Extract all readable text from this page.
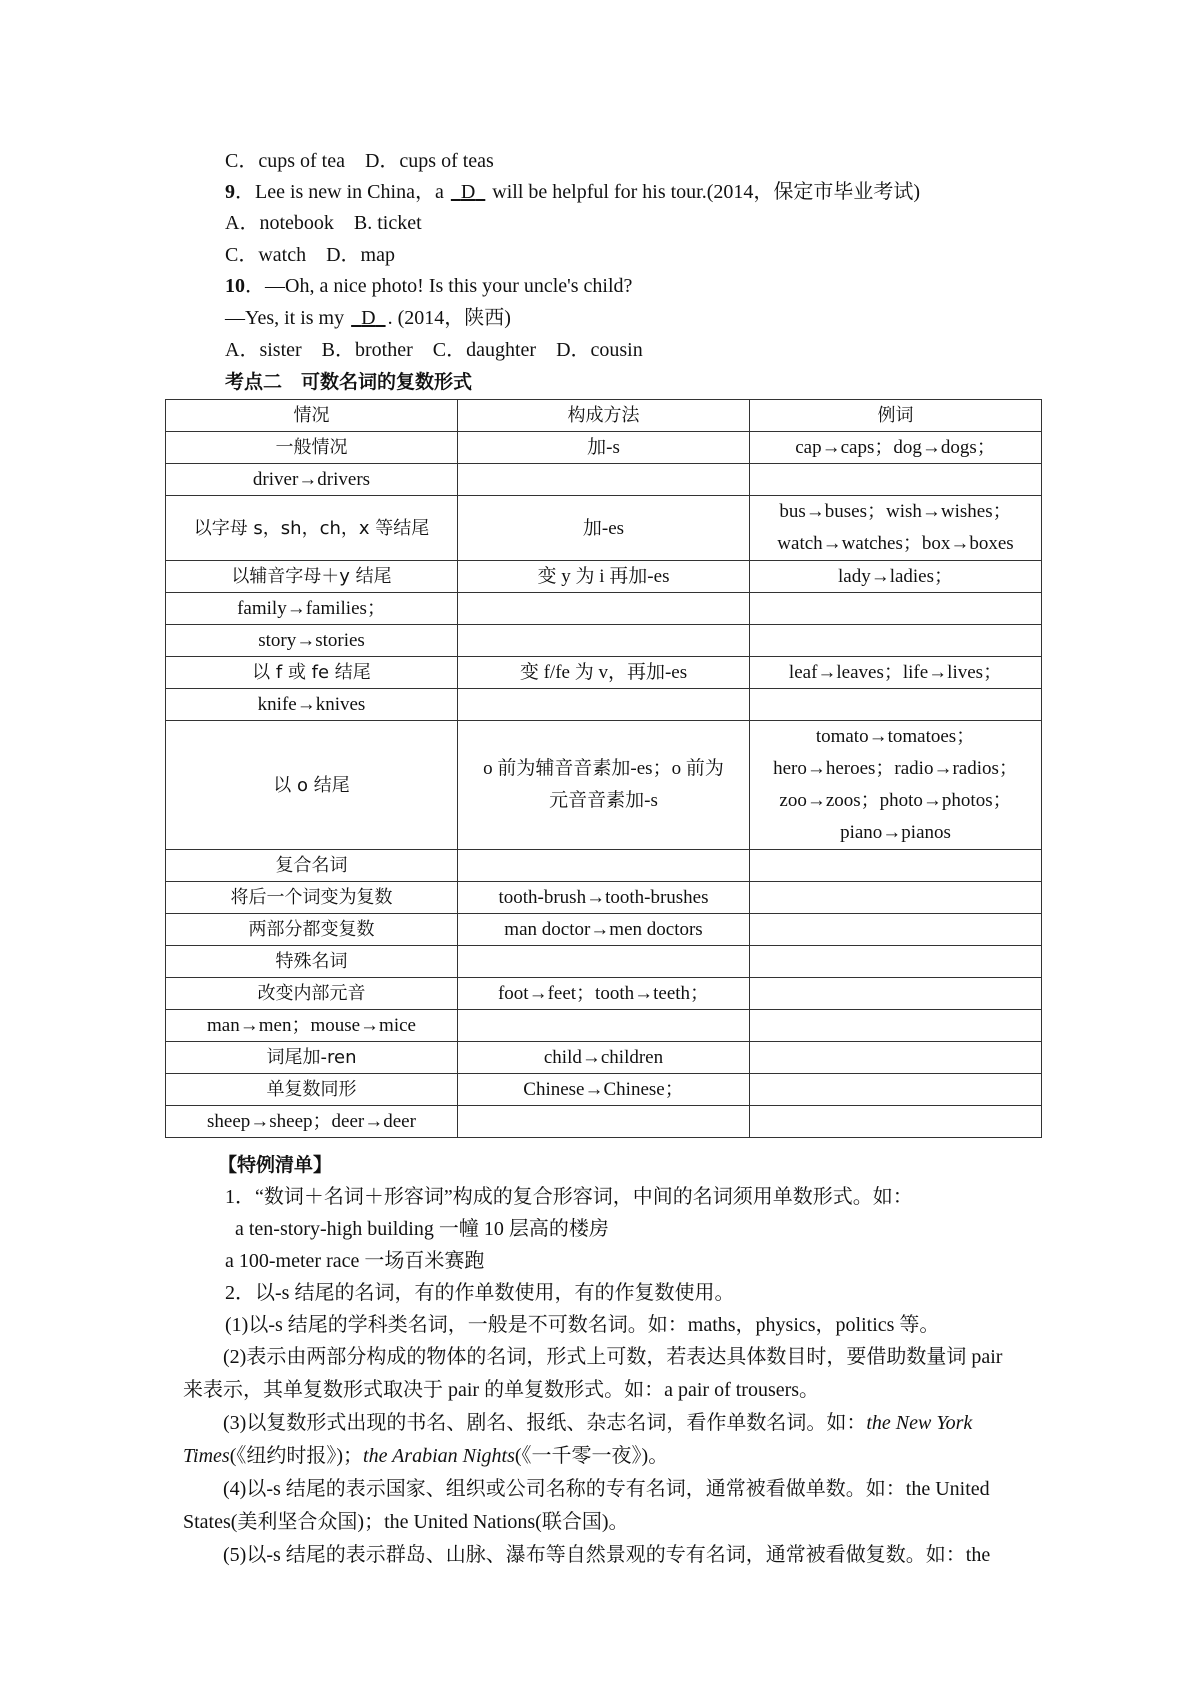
C．cups of tea　D．cups of teas
9．Lee is new in China，a   D   will be helpful for his tour.(2014，保定市毕业考试)
A．notebook　B. ticket
C．watch　D．map
10．—Oh, a nice photo! Is this your uncle's child?
—Yes, it is my   D . (2014，陕西)
A．sister　B．brother　C．daughter　D．cousin
考点二　可数名词的复数形式
情况	构成方法	例词
一般情况	加-s	cap→caps；dog→dogs；
driver→drivers		
以字母 s，sh，ch，x 等结尾	加-es	bus→buses；wish→wishes；
watch→watches；box→boxes
以辅音字母＋y 结尾	变 y 为 i 再加-es	lady→ladies；
family→families；		
story→stories		
以 f 或 fe 结尾	变 f/fe 为 v，再加-es	leaf→leaves；life→lives；
knife→knives		
以 o 结尾	o 前为辅音音素加-es；o 前为
元音音素加-s	tomato→tomatoes；
hero→heroes；radio→radios；
zoo→zoos；photo→photos；
piano→pianos
复合名词		
将后一个词变为复数	tooth-brush→tooth-brushes	
两部分都变复数	man doctor→men doctors	
特殊名词		
改变内部元音	foot→feet；tooth→teeth；	
man→men；mouse→mice		
词尾加-ren	child→children	
单复数同形	Chinese→Chinese；	
sheep→sheep；deer→deer		
【特例清单】
1．“数词＋名词＋形容词”构成的复合形容词，中间的名词须用单数形式。如：
a ten-story-high building 一幢 10 层高的楼房
a 100-meter race 一场百米赛跑
2．以-s 结尾的名词，有的作单数使用，有的作复数使用。
(1)以-s 结尾的学科类名词，一般是不可数名词。如：maths，physics，politics 等。
(2)表示由两部分构成的物体的名词，形式上可数，若表达具体数目时，要借助数量词 pair 来表示，其单复数形式取决于 pair 的单复数形式。如：a pair of trousers。
(3)以复数形式出现的书名、剧名、报纸、杂志名词，看作单数名词。如：the New York Times(《纽约时报》)；the Arabian Nights(《一千零一夜》)。
(4)以-s 结尾的表示国家、组织或公司名称的专有名词，通常被看做单数。如：the United States(美利坚合众国)；the United Nations(联合国)。
(5)以-s 结尾的表示群岛、山脉、瀑布等自然景观的专有名词，通常被看做复数。如：the
